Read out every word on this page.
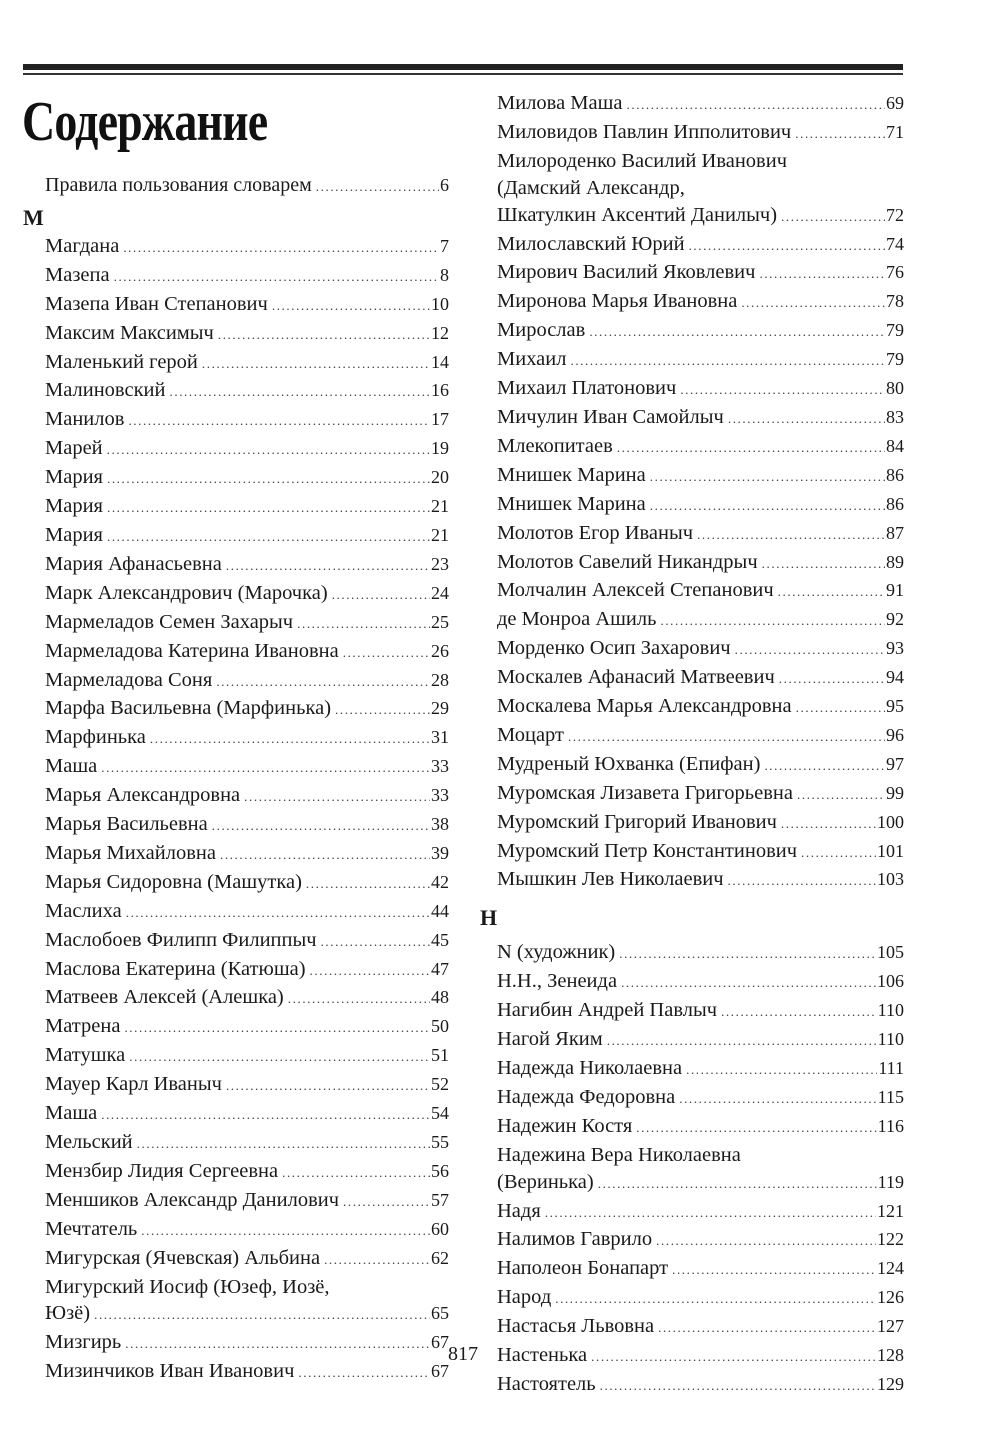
Содержание
Правила пользования словарем .....	6
М
Магдана .....	7
Мазепа .....	8
Мазепа Иван Степанович .....	10
Максим Максимыч .....	12
Маленький герой .....	14
Малиновский .....	16
Манилов .....	17
Марей .....	19
Мария .....	20
Мария .....	21
Мария .....	21
Мария Афанасьевна .....	23
Марк Александрович (Марочка) .....	24
Мармеладов Семен Захарыч .....	25
Мармеладова Катерина Ивановна .....	26
Мармеладова Соня .....	28
Марфа Васильевна (Марфинька) .....	29
Марфинька .....	31
Маша .....	33
Марья Александровна .....	33
Марья Васильевна .....	38
Марья Михайловна .....	39
Марья Сидоровна (Машутка) .....	42
Маслиха .....	44
Маслобоев Филипп Филиппыч .....	45
Маслова Екатерина (Катюша) .....	47
Матвеев Алексей (Алешка) .....	48
Матрена .....	50
Матушка .....	51
Мауер Карл Иваныч .....	52
Маша .....	54
Мельский .....	55
Мензбир Лидия Сергеевна .....	56
Меншиков Александр Данилович .....	57
Мечтатель .....	60
Мигурская (Ячевская) Альбина .....	62
Мигурский Иосиф (Юзеф, Иозё,
Юзё) .....	65
Мизгирь .....	67
Мизинчиков Иван Иванович .....	67
Милова Маша .....	69
Миловидов Павлин Ипполитович .....	71
Милороденко Василий Иванович
(Дамский Александр,
Шкатулкин Аксентий Данилыч) .....	72
Милославский Юрий .....	74
Мирович Василий Яковлевич .....	76
Миронова Марья Ивановна .....	78
Мирослав .....	79
Михаил .....	79
Михаил Платонович .....	80
Мичулин Иван Самойлыч .....	83
Млекопитаев .....	84
Мнишек Марина .....	86
Мнишек Марина .....	86
Молотов Егор Иваныч .....	87
Молотов Савелий Никандрыч .....	89
Молчалин Алексей Степанович .....	91
де Монроа Ашиль .....	92
Морденко Осип Захарович .....	93
Москалев Афанасий Матвеевич .....	94
Москалева Марья Александровна .....	95
Моцарт .....	96
Мудреный Юхванка (Епифан) .....	97
Муромская Лизавета Григорьевна .....	99
Муромский Григорий Иванович .....	100
Муромский Петр Константинович .....	101
Мышкин Лев Николаевич .....	103
Н
N (художник) .....	105
Н.Н., Зенеида .....	106
Нагибин Андрей Павлыч .....	110
Нагой Яким .....	110
Надежда Николаевна .....	111
Надежда Федоровна .....	115
Надежин Костя .....	116
Надежина Вера Николаевна
(Веринька) .....	119
Надя .....	121
Налимов Гаврило .....	122
Наполеон Бонапарт .....	124
Народ .....	126
Настасья Львовна .....	127
Настенька .....	128
Настоятель .....	129
817
